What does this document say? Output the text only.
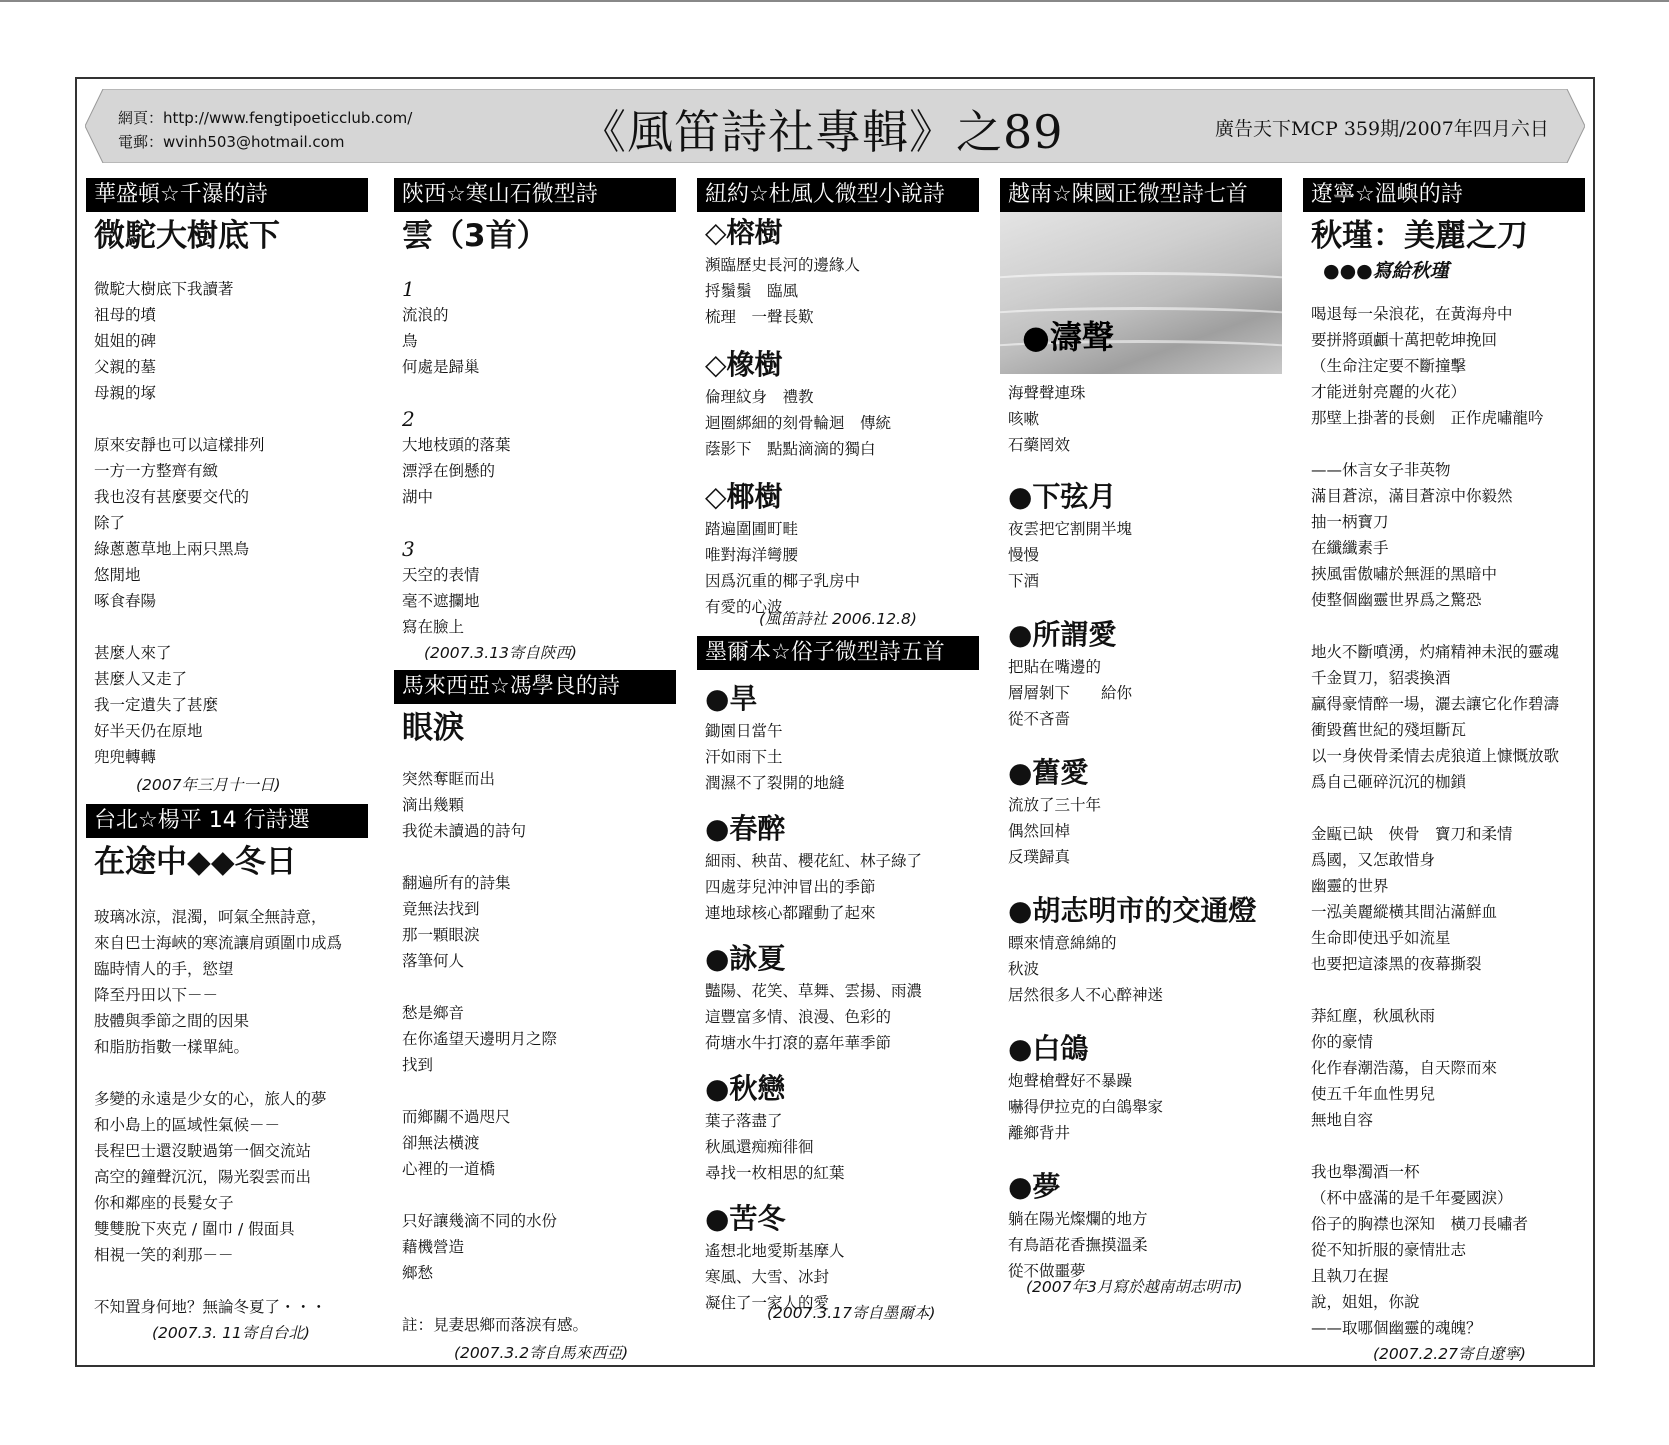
網頁：http://www.fengtipoeticclub.com/
電郵：wvinh503@hotmail.com	《風笛詩社專輯》之89	廣告天下MCP 359期/2007年四月六日
華盛頓☆千瀑的詩
微駝大樹底下
微駝大樹底下我讀著
祖母的墳
姐姐的碑
父親的墓
母親的塚
原來安靜也可以這樣排列
一方一方整齊有緻
我也沒有甚麼要交代的
除了
綠蔥蔥草地上兩只黑鳥
悠閒地
啄食春陽
甚麼人來了
甚麼人又走了
我一定遺失了甚麼
好半天仍在原地
兜兜轉轉
(2007年三月十一日)
台北☆楊平 14 行詩選
在途中◆◆冬日
玻璃冰涼，混濁，呵氣全無詩意，
來自巴士海峽的寒流讓肩頭圍巾成爲
臨時情人的手，慾望
降至丹田以下－－
肢體與季節之間的因果
和脂肪指數一樣單純。
多變的永遠是少女的心，旅人的夢
和小島上的區域性氣候－－
長程巴士還沒駛過第一個交流站
高空的鐘聲沉沉，陽光裂雲而出
你和鄰座的長髮女子
雙雙脫下夾克 / 圍巾 / 假面具
相視一笑的剎那－－
不知置身何地？無論冬夏了・・・
(2007.3. 11寄自台北)
陝西☆寒山石微型詩
雲（3首）
1
流浪的
鳥
何處是歸巢
2
大地枝頭的落葉
漂浮在倒懸的
湖中
3
天空的表情
毫不遮攔地
寫在臉上
(2007.3.13寄自陝西)
馬來西亞☆馮學良的詩
眼淚
突然奪眶而出
滴出幾顆
我從未讀過的詩句
翻遍所有的詩集
竟無法找到
那一顆眼淚
落筆何人
愁是鄉音
在你遙望天邊明月之際
找到
而鄉關不過咫尺
卻無法橫渡
心裡的一道橋
只好讓幾滴不同的水份
藉機營造
鄉愁
註：見妻思鄉而落淚有感。
(2007.3.2寄自馬來西亞)
紐約☆杜風人微型小說詩
◇榕樹
瀕臨歷史長河的邊緣人
捋鬚鬚　臨風
梳理　一聲長歎
◇橡樹
倫理紋身　禮教
迴圈綁細的刻骨輪迴　傳統
蔭影下　點點滴滴的獨白
◇椰樹
踏遍圍圃町畦
唯對海洋彎腰
因爲沉重的椰子乳房中
有愛的心波
(風笛詩社 2006.12.8)
墨爾本☆俗子微型詩五首
●旱
鋤園日當午
汗如雨下土
潤濕不了裂開的地縫
●春醉
細雨、秧苗、櫻花紅、林子綠了
四處芽兒沖沖冒出的季節
連地球核心都躍動了起來
●詠夏
豔陽、花笑、草舞、雲揚、雨濃
這豐富多情、浪漫、色彩的
荷塘水牛打滾的嘉年華季節
●秋戀
葉子落盡了
秋風還痴痴徘徊
尋找一枚相思的紅葉
●苦冬
遙想北地愛斯基摩人
寒風、大雪、冰封
凝住了一家人的愛
(2007.3.17寄自墨爾本)
越南☆陳國正微型詩七首
●濤聲
海聲聲連珠
咳嗽
石藥罔效
●下弦月
夜雲把它割開半塊
慢慢
下酒
●所謂愛
把貼在嘴邊的
層層剝下　　給你
從不吝嗇
●舊愛
流放了三十年
偶然回棹
反璞歸真
●胡志明市的交通燈
瞟來情意綿綿的
秋波
居然很多人不心醉神迷
●白鴿
炮聲槍聲好不暴躁
嚇得伊拉克的白鴿舉家
離鄉背井
●夢
躺在陽光燦爛的地方
有鳥語花香撫摸溫柔
從不做噩夢
(2007年3月寫於越南胡志明市)
遼寧☆溫嶼的詩
秋瑾：美麗之刀
●●●寫給秋瑾
喝退每一朵浪花，在黃海舟中
要拼將頭顱十萬把乾坤挽回
（生命注定要不斷撞擊
才能迸射亮麗的火花）
那壁上掛著的長劍　正作虎嘯龍吟
——休言女子非英物
滿目蒼涼，滿目蒼涼中你毅然
抽一柄寶刀
在纖纖素手
挾風雷傲嘯於無涯的黑暗中
使整個幽靈世界爲之驚恐
地火不斷噴湧，灼痛精神未泯的靈魂
千金買刀，貂裘換酒
贏得豪情醉一場，灑去讓它化作碧濤
衝毀舊世紀的殘垣斷瓦
以一身俠骨柔情去虎狼道上慷慨放歌
爲自己砸碎沉沉的枷鎖
金甌已缺　俠骨　寶刀和柔情
爲國，又怎敢惜身
幽靈的世界
一泓美麗縱橫其間沾滿鮮血
生命即使迅乎如流星
也要把這漆黑的夜幕撕裂
莽紅塵，秋風秋雨
你的豪情
化作春潮浩蕩，自天際而來
使五千年血性男兒
無地自容
我也舉濁酒一杯
（杯中盛滿的是千年憂國淚）
俗子的胸襟也深知　橫刀長嘯者
從不知折服的豪情壯志
且執刀在握
說，姐姐，你說
——取哪個幽靈的魂魄？
(2007.2.27寄自遼寧)
